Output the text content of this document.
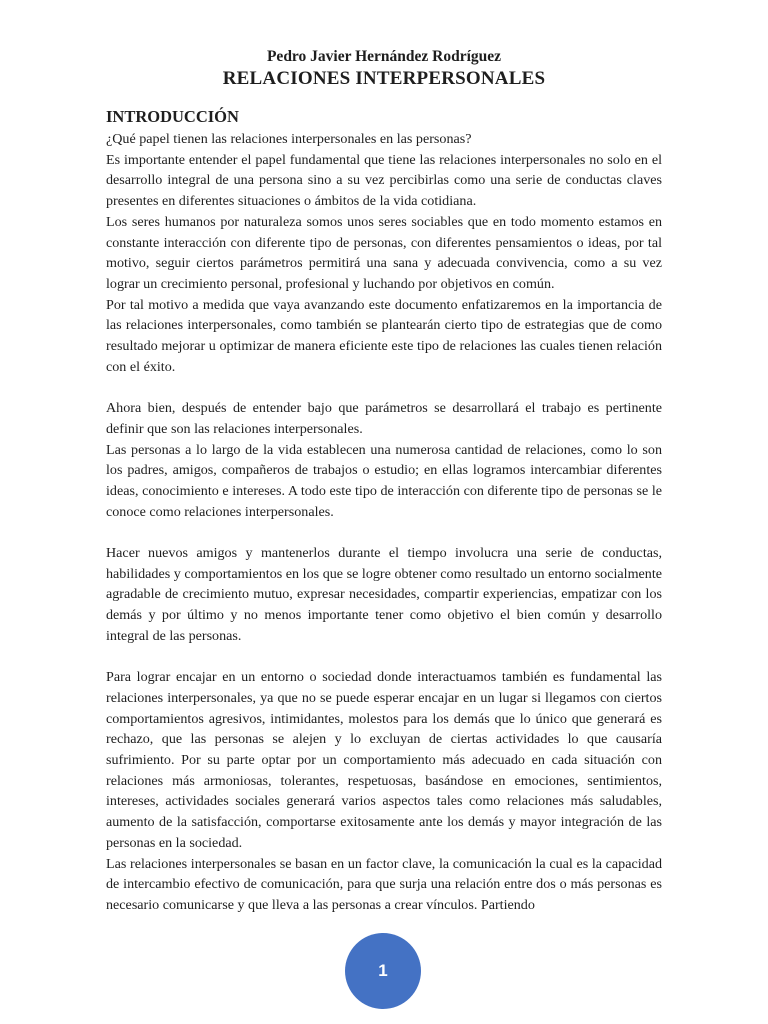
Pedro Javier Hernández Rodríguez
RELACIONES INTERPERSONALES
INTRODUCCIÓN

¿Qué papel tienen las relaciones interpersonales en las personas?

Es importante entender el papel fundamental que tiene las relaciones interpersonales no solo en el desarrollo integral de una persona sino a su vez percibirlas como una serie de conductas claves presentes en diferentes situaciones o ámbitos de la vida cotidiana.

Los seres humanos por naturaleza somos unos seres sociables que en todo momento estamos en constante interacción con diferente tipo de personas, con diferentes pensamientos o ideas, por tal motivo, seguir ciertos parámetros permitirá una sana y adecuada convivencia, como a su vez lograr un crecimiento personal, profesional y luchando por objetivos en común.

Por tal motivo a medida que vaya avanzando este documento enfatizaremos en la importancia de las relaciones interpersonales, como también se plantearán cierto tipo de estrategias que de como resultado mejorar u optimizar de manera eficiente este tipo de relaciones las cuales tienen relación con el éxito.

Ahora bien, después de entender bajo que parámetros se desarrollará el trabajo es pertinente definir que son las relaciones interpersonales.

Las personas a lo largo de la vida establecen una numerosa cantidad de relaciones, como lo son los padres, amigos, compañeros de trabajos o estudio; en ellas logramos intercambiar diferentes ideas, conocimiento e intereses. A todo este tipo de interacción con diferente tipo de personas se le conoce como relaciones interpersonales.

Hacer nuevos amigos y mantenerlos durante el tiempo involucra una serie de conductas, habilidades y comportamientos en los que se logre obtener como resultado un entorno socialmente agradable de crecimiento mutuo, expresar necesidades, compartir experiencias, empatizar con los demás y por último y no menos importante tener como objetivo el bien común y desarrollo integral de las personas.

Para lograr encajar en un entorno o sociedad donde interactuamos también es fundamental las relaciones interpersonales, ya que no se puede esperar encajar en un lugar si llegamos con ciertos comportamientos agresivos, intimidantes, molestos para los demás que lo único que generará es rechazo, que las personas se alejen y lo excluyan de ciertas actividades lo que causaría sufrimiento. Por su parte optar por un comportamiento más adecuado en cada situación con relaciones más armoniosas, tolerantes, respetuosas, basándose en emociones, sentimientos, intereses, actividades sociales generará varios aspectos tales como relaciones más saludables, aumento de la satisfacción, comportarse exitosamente ante los demás y mayor integración de las personas en la sociedad.

Las relaciones interpersonales se basan en un factor clave, la comunicación la cual es la capacidad de intercambio efectivo de comunicación, para que surja una relación entre dos o más personas es necesario comunicarse y que lleva a las personas a crear vínculos. Partiendo

1
